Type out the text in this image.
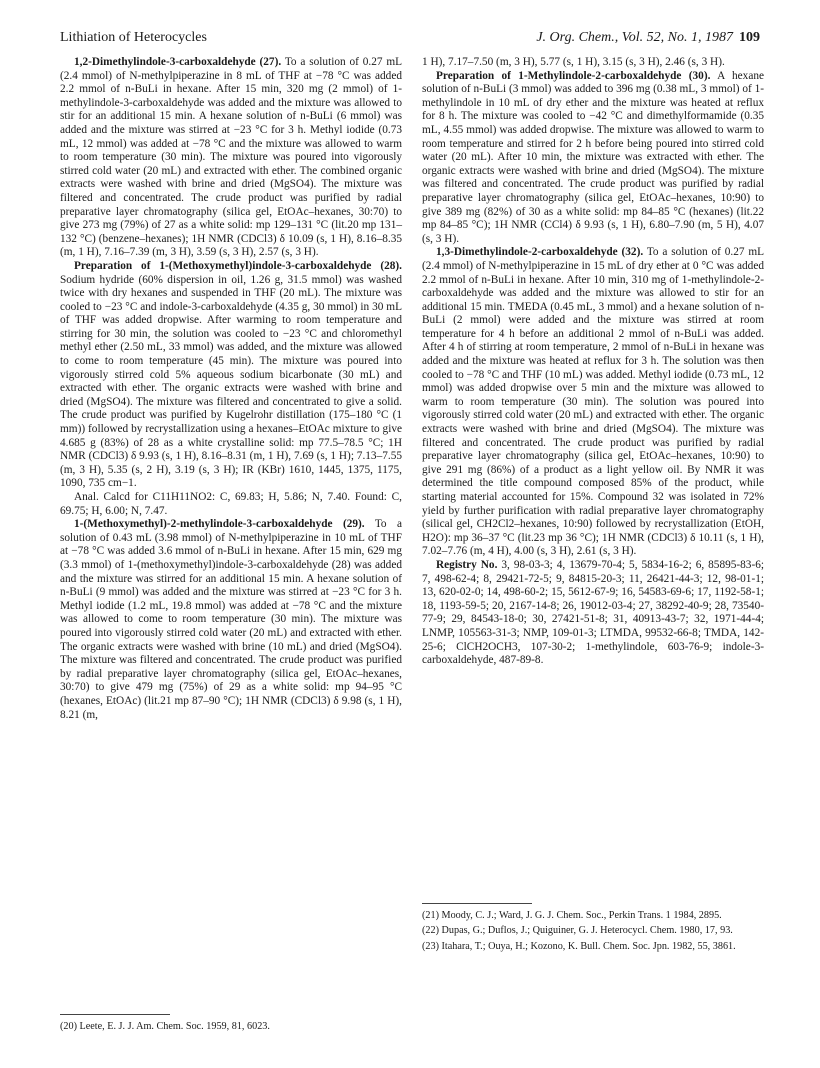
Lithiation of Heterocycles	J. Org. Chem., Vol. 52, No. 1, 1987 109

1,2-Dimethylindole-3-carboxaldehyde (27). To a solution of 0.27 mL (2.4 mmol) of N-methylpiperazine in 8 mL of THF at −78 °C was added 2.2 mmol of n-BuLi in hexane. After 15 min, 320 mg (2 mmol) of 1-methylindole-3-carboxaldehyde was added and the mixture was allowed to stir for an additional 15 min. A hexane solution of n-BuLi (6 mmol) was added and the mixture was stirred at −23 °C for 3 h. Methyl iodide (0.73 mL, 12 mmol) was added at −78 °C and the mixture was allowed to warm to room temperature (30 min). The mixture was poured into vigorously stirred cold water (20 mL) and extracted with ether. The combined organic extracts were washed with brine and dried (MgSO4). The mixture was filtered and concentrated. The crude product was purified by radial preparative layer chromatography (silica gel, EtOAc–hexanes, 30:70) to give 273 mg (79%) of 27 as a white solid: mp 129–131 °C (lit.20 mp 131–132 °C) (benzene–hexanes); 1H NMR (CDCl3) δ 10.09 (s, 1 H), 8.16–8.35 (m, 1 H), 7.16–7.39 (m, 3 H), 3.59 (s, 3 H), 2.57 (s, 3 H).

Preparation of 1-(Methoxymethyl)indole-3-carboxaldehyde (28). Sodium hydride (60% dispersion in oil, 1.26 g, 31.5 mmol) was washed twice with dry hexanes and suspended in THF (20 mL). The mixture was cooled to −23 °C and indole-3-carboxaldehyde (4.35 g, 30 mmol) in 30 mL of THF was added dropwise. After warming to room temperature and stirring for 30 min, the solution was cooled to −23 °C and chloromethyl methyl ether (2.50 mL, 33 mmol) was added, and the mixture was allowed to come to room temperature (45 min). The mixture was poured into vigorously stirred cold 5% aqueous sodium bicarbonate (30 mL) and extracted with ether. The organic extracts were washed with brine and dried (MgSO4). The mixture was filtered and concentrated to give a solid. The crude product was purified by Kugelrohr distillation (175–180 °C (1 mm)) followed by recrystallization using a hexanes–EtOAc mixture to give 4.685 g (83%) of 28 as a white crystalline solid: mp 77.5–78.5 °C; 1H NMR (CDCl3) δ 9.93 (s, 1 H), 8.16–8.31 (m, 1 H), 7.69 (s, 1 H); 7.13–7.55 (m, 3 H), 5.35 (s, 2 H), 3.19 (s, 3 H); IR (KBr) 1610, 1445, 1375, 1175, 1090, 735 cm−1.

Anal. Calcd for C11H11NO2: C, 69.83; H, 5.86; N, 7.40. Found: C, 69.75; H, 6.00; N, 7.47.

1-(Methoxymethyl)-2-methylindole-3-carboxaldehyde (29). To a solution of 0.43 mL (3.98 mmol) of N-methylpiperazine in 10 mL of THF at −78 °C was added 3.6 mmol of n-BuLi in hexane. After 15 min, 629 mg (3.3 mmol) of 1-(methoxymethyl)indole-3-carboxaldehyde (28) was added and the mixture was stirred for an additional 15 min. A hexane solution of n-BuLi (9 mmol) was added and the mixture was stirred at −23 °C for 3 h. Methyl iodide (1.2 mL, 19.8 mmol) was added at −78 °C and the mixture was allowed to come to room temperature (30 min). The mixture was poured into vigorously stirred cold water (20 mL) and extracted with ether. The organic extracts were washed with brine (10 mL) and dried (MgSO4). The mixture was filtered and concentrated. The crude product was purified by radial preparative layer chromatography (silica gel, EtOAc–hexanes, 30:70) to give 479 mg (75%) of 29 as a white solid: mp 94–95 °C (hexanes, EtOAc) (lit.21 mp 87–90 °C); 1H NMR (CDCl3) δ 9.98 (s, 1 H), 8.21 (m,

(20) Leete, E. J. J. Am. Chem. Soc. 1959, 81, 6023.

1 H), 7.17–7.50 (m, 3 H), 5.77 (s, 1 H), 3.15 (s, 3 H), 2.46 (s, 3 H).

Preparation of 1-Methylindole-2-carboxaldehyde (30). A hexane solution of n-BuLi (3 mmol) was added to 396 mg (0.38 mL, 3 mmol) of 1-methylindole in 10 mL of dry ether and the mixture was heated at reflux for 8 h. The mixture was cooled to −42 °C and dimethylformamide (0.35 mL, 4.55 mmol) was added dropwise. The mixture was allowed to warm to room temperature and stirred for 2 h before being poured into stirred cold water (20 mL). After 10 min, the mixture was extracted with ether. The organic extracts were washed with brine and dried (MgSO4). The mixture was filtered and concentrated. The crude product was purified by radial preparative layer chromatography (silica gel, EtOAc–hexanes, 10:90) to give 389 mg (82%) of 30 as a white solid: mp 84–85 °C (hexanes) (lit.22 mp 84–85 °C); 1H NMR (CCl4) δ 9.93 (s, 1 H), 6.80–7.90 (m, 5 H), 4.07 (s, 3 H).

1,3-Dimethylindole-2-carboxaldehyde (32). To a solution of 0.27 mL (2.4 mmol) of N-methylpiperazine in 15 mL of dry ether at 0 °C was added 2.2 mmol of n-BuLi in hexane. After 10 min, 310 mg of 1-methylindole-2-carboxaldehyde was added and the mixture was allowed to stir for an additional 15 min. TMEDA (0.45 mL, 3 mmol) and a hexane solution of n-BuLi (2 mmol) were added and the mixture was stirred at room temperature for 4 h before an additional 2 mmol of n-BuLi was added. After 4 h of stirring at room temperature, 2 mmol of n-BuLi in hexane was added and the mixture was heated at reflux for 3 h. The solution was then cooled to −78 °C and THF (10 mL) was added. Methyl iodide (0.73 mL, 12 mmol) was added dropwise over 5 min and the mixture was allowed to warm to room temperature (30 min). The solution was poured into vigorously stirred cold water (20 mL) and extracted with ether. The organic extracts were washed with brine and dried (MgSO4). The mixture was filtered and concentrated. The crude product was purified by radial preparative layer chromatography (silica gel, EtOAc–hexanes, 10:90) to give 291 mg (86%) of a product as a light yellow oil. By NMR it was determined the title compound composed 85% of the product, while starting material accounted for 15%. Compound 32 was isolated in 72% yield by further purification with radial preparative layer chromatography (silical gel, CH2Cl2–hexanes, 10:90) followed by recrystallization (EtOH, H2O): mp 36–37 °C (lit.23 mp 36 °C); 1H NMR (CDCl3) δ 10.11 (s, 1 H), 7.02–7.76 (m, 4 H), 4.00 (s, 3 H), 2.61 (s, 3 H).

Registry No. 3, 98-03-3; 4, 13679-70-4; 5, 5834-16-2; 6, 85895-83-6; 7, 498-62-4; 8, 29421-72-5; 9, 84815-20-3; 11, 26421-44-3; 12, 98-01-1; 13, 620-02-0; 14, 498-60-2; 15, 5612-67-9; 16, 54583-69-6; 17, 1192-58-1; 18, 1193-59-5; 20, 2167-14-8; 26, 19012-03-4; 27, 38292-40-9; 28, 73540-77-9; 29, 84543-18-0; 30, 27421-51-8; 31, 40913-43-7; 32, 1971-44-4; LNMP, 105563-31-3; NMP, 109-01-3; LTMDA, 99532-66-8; TMDA, 142-25-6; ClCH2OCH3, 107-30-2; 1-methylindole, 603-76-9; indole-3-carboxaldehyde, 487-89-8.

(21) Moody, C. J.; Ward, J. G. J. Chem. Soc., Perkin Trans. 1 1984, 2895.
(22) Dupas, G.; Duflos, J.; Quiguiner, G. J. Heterocycl. Chem. 1980, 17, 93.
(23) Itahara, T.; Ouya, H.; Kozono, K. Bull. Chem. Soc. Jpn. 1982, 55, 3861.
